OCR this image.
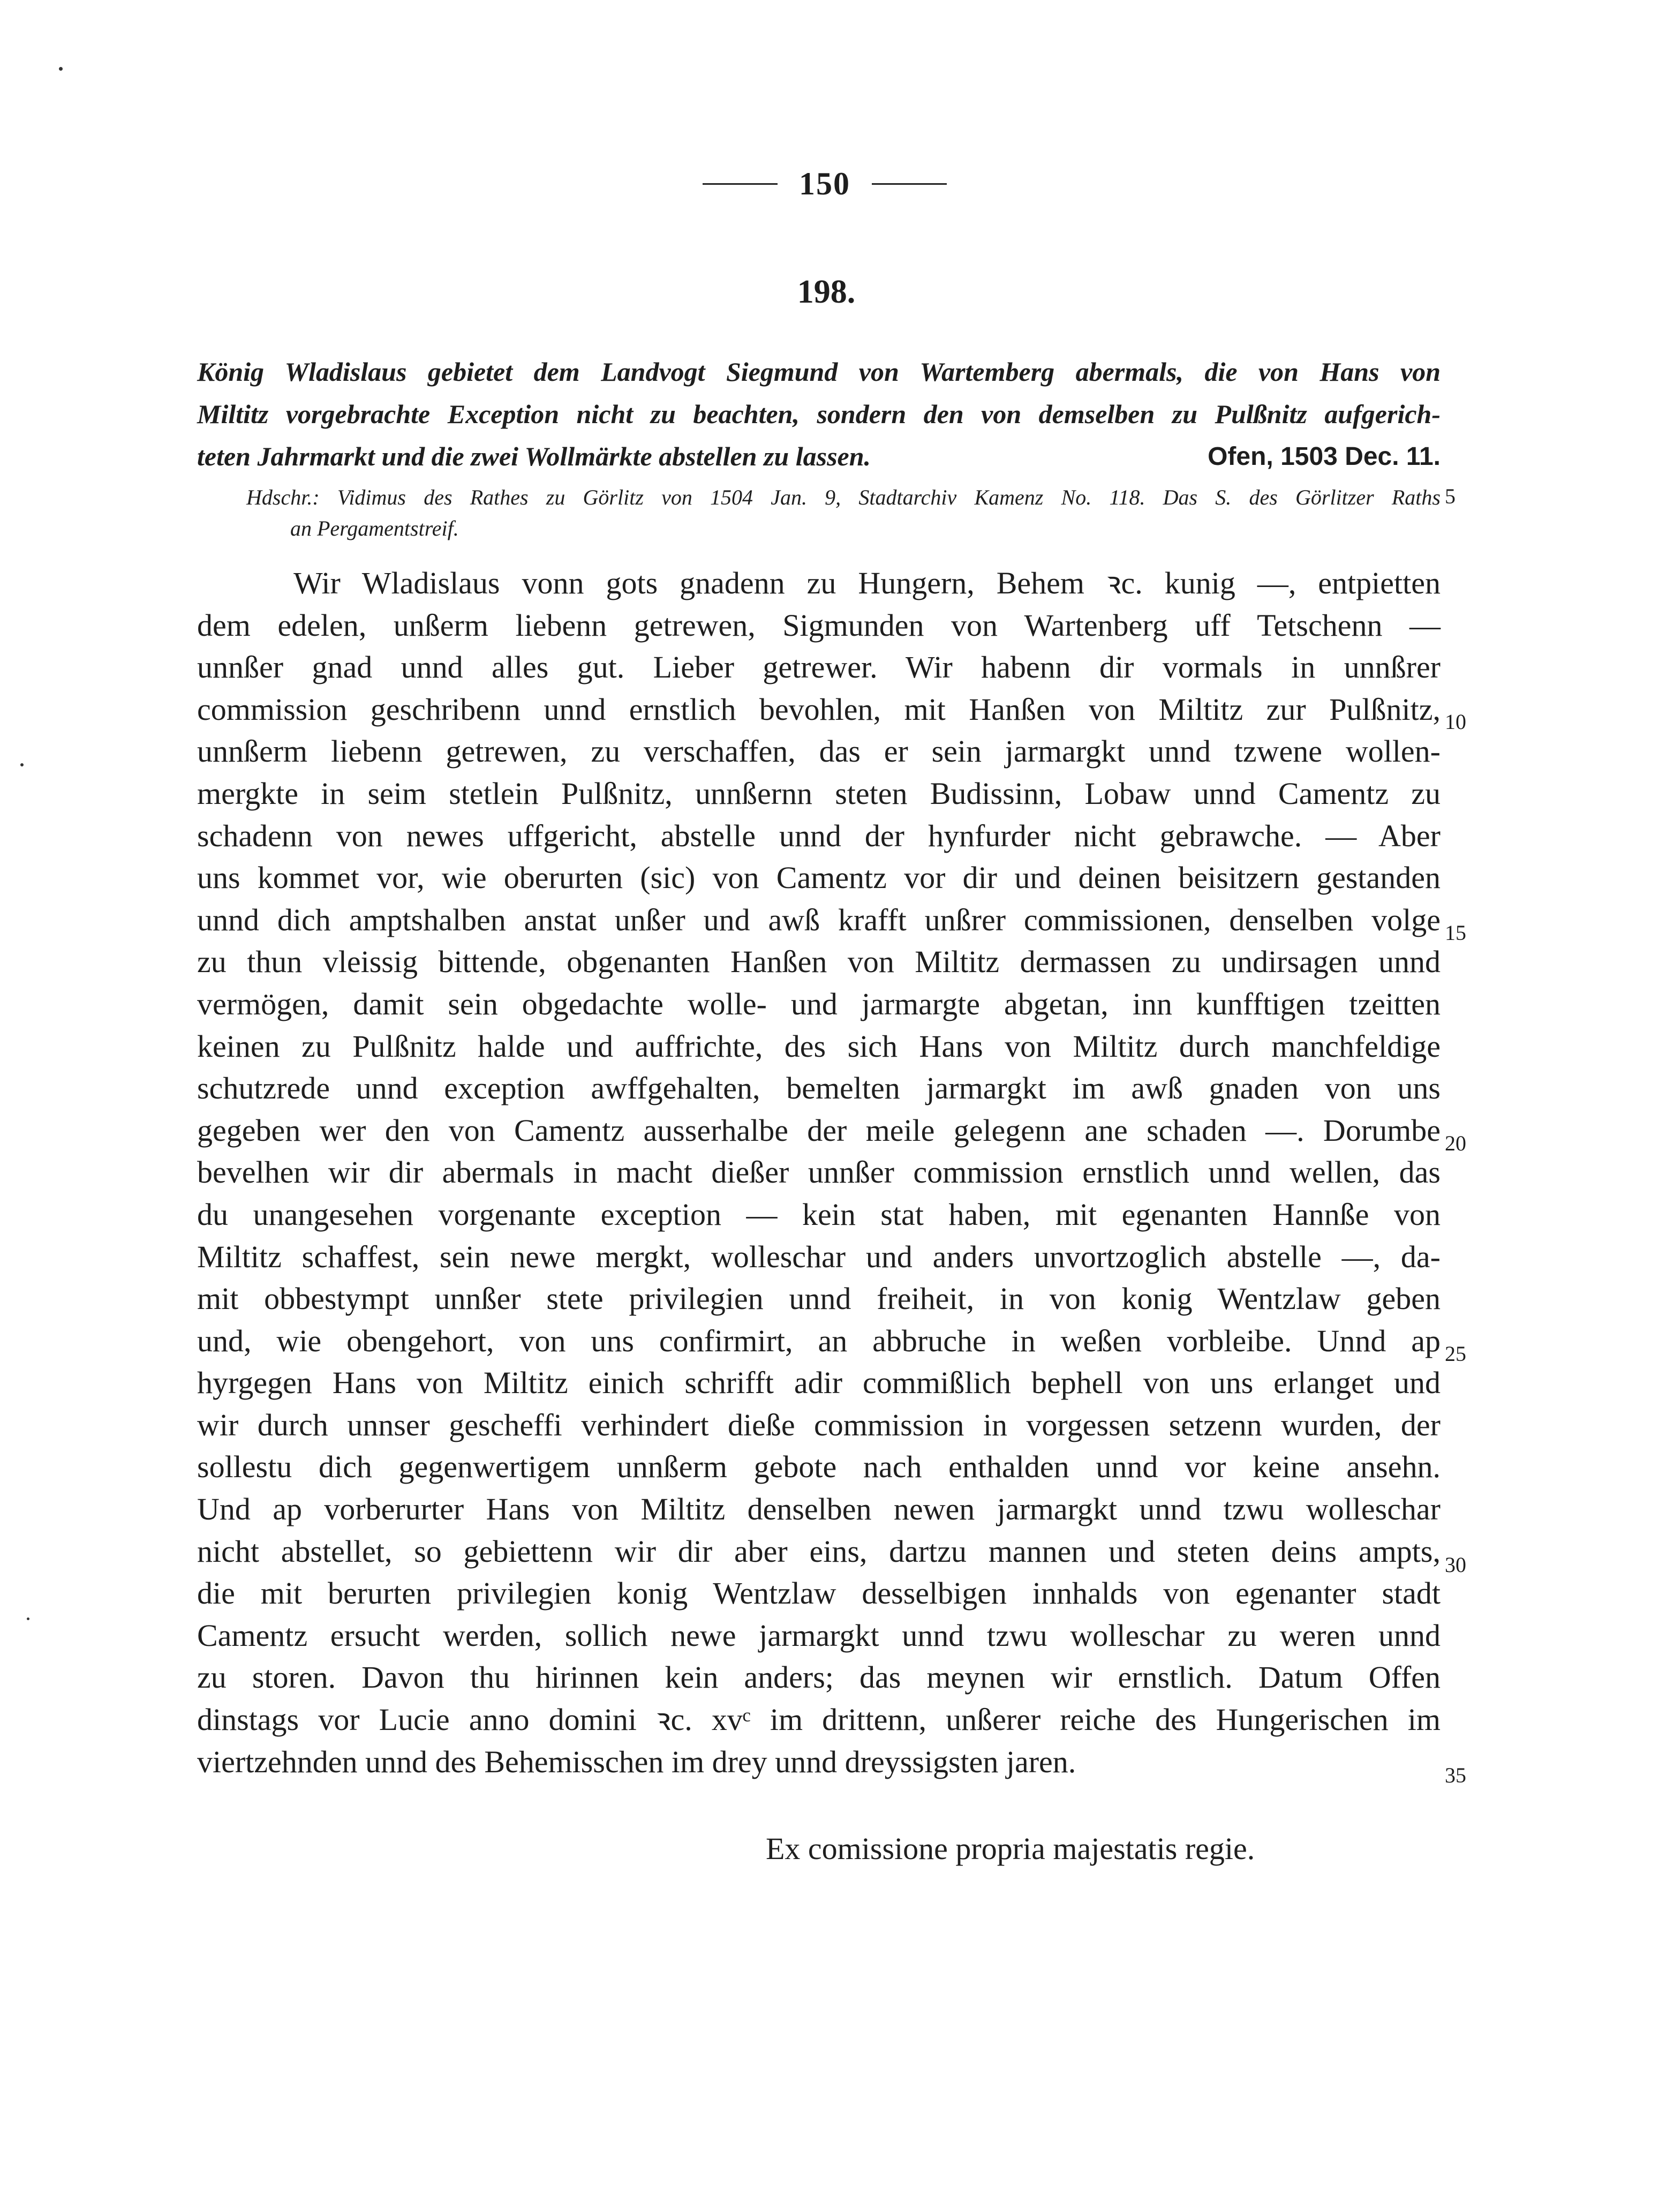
150
198.
König Wladislaus gebietet dem Landvogt Siegmund von Wartemberg abermals, die von Hans von
Miltitz vorgebrachte Exception nicht zu beachten, sondern den von demselben zu Pulßnitz aufgerich-
teten Jahrmarkt und die zwei Wollmärkte abstellen zu lassen.	Ofen, 1503 Dec. 11.
Hdschr.: Vidimus des Rathes zu Görlitz von 1504 Jan. 9, Stadtarchiv Kamenz No. 118. Das S. des Görlitzer Raths
an Pergamentstreif.
Wir Wladislaus vonn gots gnadenn zu Hungern, Behem ꝛc. kunig —, entpietten
dem edelen, unßerm liebenn getrewen, Sigmunden von Wartenberg uff Tetschenn —
unnßer gnad unnd alles gut. Lieber getrewer. Wir habenn dir vormals in unnßrer
commission geschribenn unnd ernstlich bevohlen, mit Hanßen von Miltitz zur Pulßnitz,
unnßerm liebenn getrewen, zu verschaffen, das er sein jarmargkt unnd tzwene wollen-
mergkte in seim stetlein Pulßnitz, unnßernn steten Budissinn, Lobaw unnd Camentz zu
schadenn von newes uffgericht, abstelle unnd der hynfurder nicht gebrawche. — Aber
uns kommet vor, wie oberurten (sic) von Camentz vor dir und deinen beisitzern gestanden
unnd dich amptshalben anstat unßer und awß krafft unßrer commissionen, denselben volge
zu thun vleissig bittende, obgenanten Hanßen von Miltitz dermassen zu undirsagen unnd
vermögen, damit sein obgedachte wolle- und jarmargte abgetan, inn kunfftigen tzeitten
keinen zu Pulßnitz halde und auffrichte, des sich Hans von Miltitz durch manchfeldige
schutzrede unnd exception awffgehalten, bemelten jarmargkt im awß gnaden von uns
gegeben wer den von Camentz ausserhalbe der meile gelegenn ane schaden —. Dorumbe
bevelhen wir dir abermals in macht dießer unnßer commission ernstlich unnd wellen, das
du unangesehen vorgenante exception — kein stat haben, mit egenanten Hannße von
Miltitz schaffest, sein newe mergkt, wolleschar und anders unvortzoglich abstelle —, da-
mit obbestympt unnßer stete privilegien unnd freiheit, in von konig Wentzlaw geben
und, wie obengehort, von uns confirmirt, an abbruche in weßen vorbleibe. Unnd ap
hyrgegen Hans von Miltitz einich schrifft adir commißlich bephell von uns erlanget und
wir durch unnser gescheffi verhindert dieße commission in vorgessen setzenn wurden, der
sollestu dich gegenwertigem unnßerm gebote nach enthalden unnd vor keine ansehn.
Und ap vorberurter Hans von Miltitz denselben newen jarmargkt unnd tzwu wolleschar
nicht abstellet, so gebiettenn wir dir aber eins, dartzu mannen und steten deins ampts,
die mit berurten privilegien konig Wentzlaw desselbigen innhalds von egenanter stadt
Camentz ersucht werden, sollich newe jarmargkt unnd tzwu wolleschar zu weren unnd
zu storen. Davon thu hirinnen kein anders; das meynen wir ernstlich. Datum Offen
dinstags vor Lucie anno domini ꝛc. xvᶜ im drittenn, unßerer reiche des Hungerischen im
viertzehnden unnd des Behemisschen im drey unnd dreyssigsten jaren.
Ex comissione propria majestatis regie.
5
10
15
20
25
30
35
